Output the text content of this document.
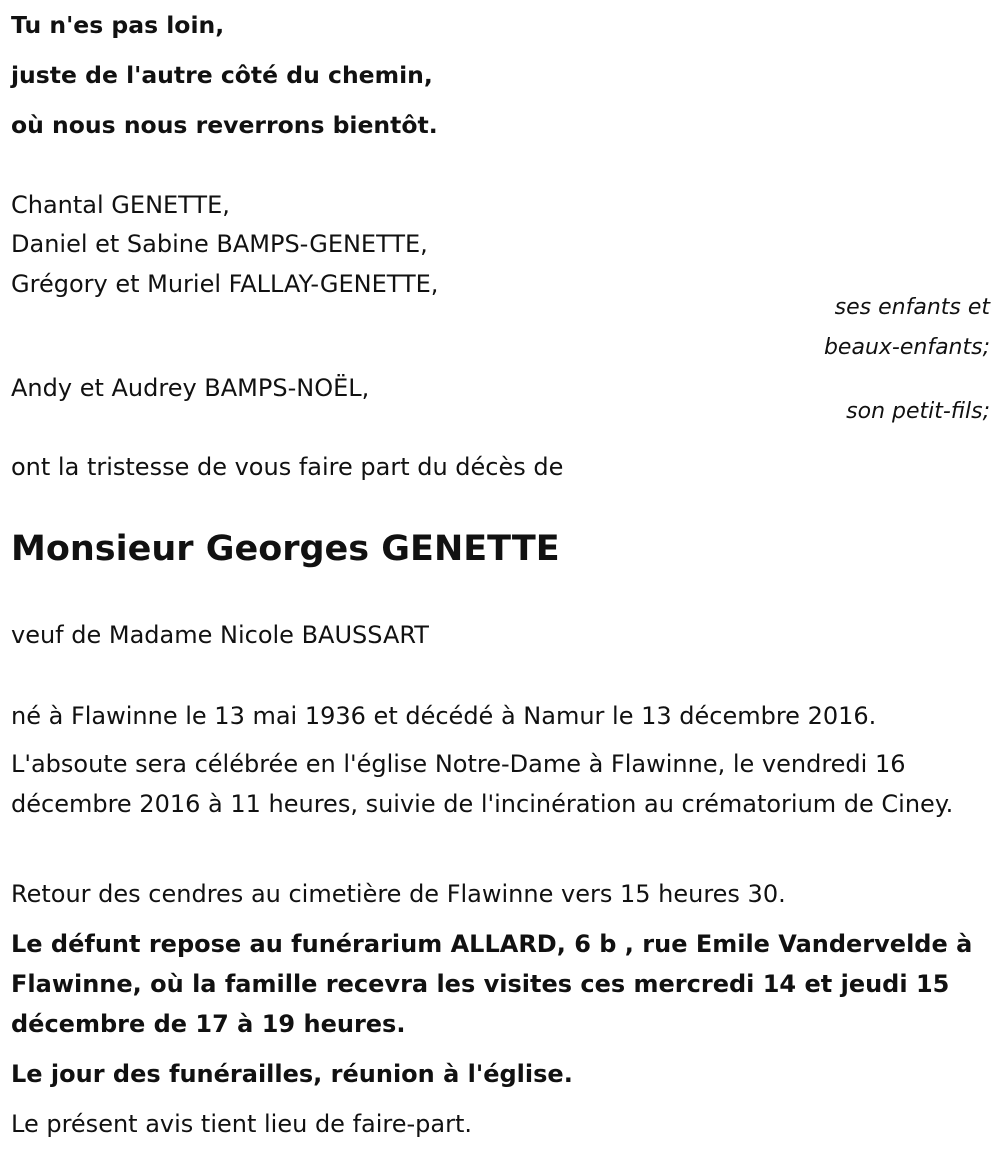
Tu n'es pas loin,

juste de l'autre côté du chemin,

où nous nous reverrons bientôt.

Chantal GENETTE,

Daniel et Sabine BAMPS-GENETTE,

Grégory et Muriel FALLAY-GENETTE,

ses enfants et

beaux-enfants;

Andy et Audrey BAMPS-NOËL,

son petit-fils;

ont la tristesse de vous faire part du décès de

Monsieur Georges GENETTE

veuf de Madame Nicole BAUSSART

né à Flawinne le 13 mai 1936 et décédé à Namur le 13 décembre 2016.

L'absoute sera célébrée en l'église Notre-Dame à Flawinne, le vendredi 16 décembre 2016 à 11 heures, suivie de l'incinération au crématorium de Ciney.

Retour des cendres au cimetière de Flawinne vers 15 heures 30.

Le défunt repose au funérarium ALLARD, 6 b , rue Emile Vandervelde à Flawinne, où la famille recevra les visites ces mercredi 14 et jeudi 15 décembre de 17 à 19 heures.

Le jour des funérailles, réunion à l'église.

Le présent avis tient lieu de faire-part.
